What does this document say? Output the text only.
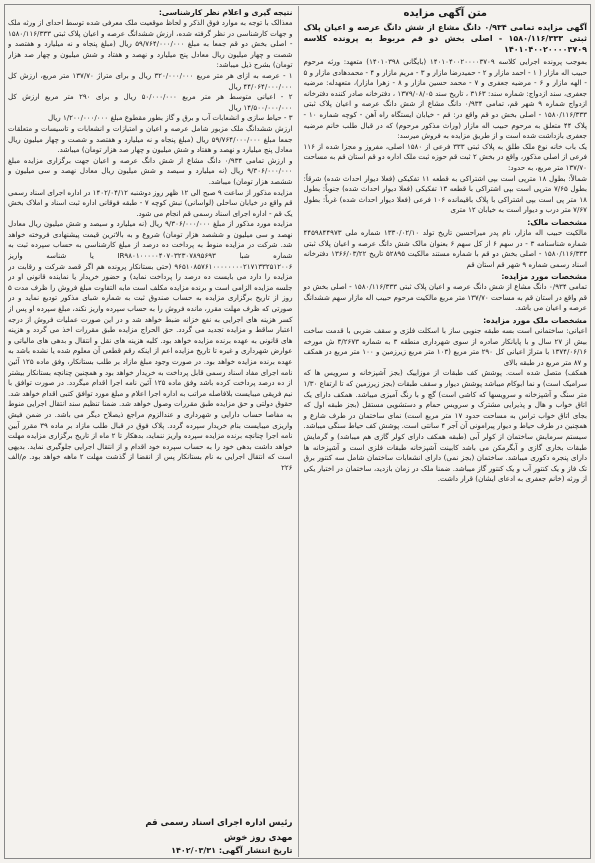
متن آگهی مزایده
آگهی مزایده تمامی ۰/۹۳۴ دانگ مشاع از شش دانگ عرصه و اعیان پلاک ثبتی ۱۵۸۰/۱۱۶/۳۳۳ - اصلی بخش دو قم مربوط به پرونده کلاسه ۱۴۰۱۰۴۰۰۲۰۰۰۰۳۷۰۹

بموجب پرونده اجرایی کلاسه ۱۴۰۱۰۴۰۰۲۰۰۰۰۳۷۰۹ (بایگانی ۱۴۰۱۰۳۹۸) متعهد: ورثه مرحوم حبیب اله مازار ( ۱ - احمد مازار و ۲ - حمیدرضا مازار و ۳ - مریم مازار و ۴ - محمدهادی مازار و ۵ - الهه مازار و ۶ - مرضیه جعفری و ۷ - محمد حسین مازار و ۸ - زهرا مازار)، متعهدله: مرضیه جعفری، سند ازدواج: شماره سند: ۳۱۶۳ ، تاریخ سند ۱۳۷۹/۰۸/۰۵ ، دفترخانه صادر کننده دفترخانه ازدواج شماره ۹ شهر قم، تمامی ۰/۹۳۴ دانگ مشاع از شش دانگ عرصه و اعیان پلاک ثبتی ۱۵۸۰/۱۱۶/۳۳۳ - اصلی بخش دو قم واقع در: قم - خیابان ایستگاه راه آهن - کوچه شماره ۱۰ - پلاک ۴۴ متعلق به مرحوم حبیب اله مازار (وراث مذکور مرحوم) که در قبال طلب خانم مرضیه جعفری بازداشت شده است و از طریق مزایده به فروش میرسد:

یک باب خانه نوع ملک طلق به پلاک ثبتی ۳۳۳ فرعی از ۱۵۸۰ اصلی، مفروز و مجزا شده از ۱۱۶ فرعی از اصلی مذکور، واقع در بخش ۲ ثبت قم حوزه ثبت ملک اداره دو قم استان قم به مساحت ۱۳۷/۷۰ متر مربع، به حدود:

شمالاً: بطول ۱۸ مترپی است بپی اشتراکی به قطعه ۱۱ تفکیکی (فعلا دیوار احداث شده) شرقاً: بطول ۷/۶۵ مترپی است بپی اشتراکی با قطعه ۱۳ تفکیکی (فعلا دیوار احداث شده) جنوباً: بطول ۱۸ متر پی است بپی اشتراکی با پلاک باقیمانده ۱۰۶ فرعی (فعلا دیوار احداث شده) غرباً: بطول ۷/۶۷ متر درب و دیوار است به خیابان ۱۲ متری

مشخصات مالک:

مالکیت حبیب اله مازار، نام پدر میراحسین تاریخ تولد ۱۳۳۰/۰۲/۱۰ شماره ملی ۴۴۵۹۸۴۴۹۷۳ شماره شناسنامه ۳ - در سهم ۶ از کل سهم ۶ بعنوان مالک شش دانگ عرصه و اعیان پلاک ثبتی ۱۵۸۰/۱۱۶/۳۳۳ - اصلی بخش دو قم با شماره مستند مالکیت ۵۲۸۹۵ تاریخ ۱۳۶۶/۰۳/۲۲ دفترخانه اسناد رسمی شماره ۹ شهر قم استان قم

مشخصات مورد مزایده:

تمامی ۰/۹۳۴ دانگ مشاع از شش دانگ عرصه و اعیان پلاک ثبتی ۱۵۸۰/۱۱۶/۳۳۳ - اصلی بخش دو قم واقع در استان قم به مساحت ۱۳۷/۷۰ متر مربع مالکیت مرحوم حبیب اله مازار سهم ششدانگ عرصه و اعیان می باشد.

مشخصات ملک مورد مزایده:

اعیانی: ساختمانی است بسه طبقه جنوبی ساز با اسکلت فلزی و سقف ضربی با قدمت ساخت بیش از ۲۷ سال و با پایانکار صادره از سوی شهرداری منطقه ۳ به شماره ۳/۲۶۷۳ ش مورخه ۱۳۷۴/۰۶/۱۶ با متراژ اعیانی کل ۲۹۰ متر مربع (۱۰۳ متر مربع زیرزمین و ۱۰۰ متر مربع در همکف و ۸۷ متر مربع در طبقه بالای

همکف) متصل شده است. پوشش کف طبقات از موزاییک (بجز آشپزخانه و سرویس ها که سرامیک است) و نما ابوکام میباشد پوشش دیوار و سقف طبقات (بجز زیرزمین که تا ارتفاع ۱/۳۰ متر سنگ و آشپزخانه و سرویسها که کاشی است) گچ و با رنگ آمیزی میباشد. همکف دارای یک اتاق خواب و هال و پذیرایی مشترک و سرویس حمام و دستشویی مستقل (بجز طبقه اول که بجای اتاق خواب تراس به مساحت حدود ۱۷ متر مربع است) نمای ساختمان در طرف شارع و همچنین در طرف حیاط و دیوار پیرامونی آن آجر ۴ سانتی است. پوشش کف حیاط سنگی میباشد. سیستم سرمایش ساختمان از کولر آبی (طبقه همکف دارای کولر گازی هم میباشد) و گرمایش طبقات بخاری گازی و آبگرمکن می باشد کابینت آشپزخانه طبقات فلزی است و آشپزخانه ها دارای پنجره دکوری میباشد. ساختمان (بجز نمی) دارای انشعابات ساختمان شامل سه کنتور برق تک فاز و یک کنتور آب و یک کنتور گاز میباشد. ضمنا ملک در زمان بازدید، ساختمان در اختیار یکی از ورثه (خانم جعفری به ادعای ایشان) قرار داشت.

نتیجه گیری و اعلام نظر کارشناسی:

معذالک با توجه به موارد فوق الذکر و لحاظ موقعیت ملک معرفی شده توسط احدای از ورثه ملک و جهات کارشناسی در نظر گرفته شده، ارزش ششدانگ عرصه و اعیان پلاک ثبتی ۱۵۸۰/۱۱۶/۳۳۳ - اصلی بخش دو قم جمعا به مبلغ ۵۹/۷۶۴/۰۰۰/۰۰۰ ریال (مبلغ پنجاه و نه میلیارد و هفتصد و شصت و چهار میلیون ریال معادل پنج میلیارد و نهصد و هفتاد و شش میلیون و چهار صد هزار تومان) بشرح ذیل میباشد:

۱ - عرصه به ازای هر متر مربع ۳۲۰/۰۰۰/۰۰۰ ریال و برای متراژ ۱۳۷/۷۰ متر مربع، ارزش کل ۴۴/۰۶۴/۰۰۰/۰۰۰ ریال

۲ - اعیانی متوسط هر متر مربع ۵۰/۰۰۰/۰۰۰ ریال و برای ۲۹۰ متر مربع ارزش کل ۱۴/۵۰۰/۰۰۰/۰۰۰ ریال

۳ - حیاط سازی و انشعابات آب و برق و گاز بطور مقطوع مبلغ ۱/۲۰۰/۰۰۰/۰۰۰ ریال

ارزش ششدانگ ملک مزبور شامل عرصه و اعیان و امتیازات و انشعابات و تاسیسات و متعلقات جمعا مبلغ ۵۹/۷۶۴/۰۰۰/۰۰۰ ریال (مبلغ پنجاه و نه میلیارد و هفتصد و شصت و چهار میلیون ریال معادل پنج میلیارد و نهصد و هفتاد و شش میلیون و چهار صد هزار تومان) میباشد.

و ارزش تمامی ۰/۹۳۴ دانگ مشاع از شش دانگ عرصه و اعیان جهت برگزاری مزایده مبلغ ۹/۳۰۶/۰۰۰/۰۰۰ ریال (نه میلیارد و سیصد و شش میلیون ریال معادل نهصد و سی میلیون و ششصد هزار تومان) میباشد.

مزایده مذکور از ساعت ۹ صبح الی ۱۲ ظهر روز دوشنبه ۱۴۰۲/۰۴/۱۲ در اداره اجرای اسناد رسمی قم واقع در خیابان ساحلی (لواسانی) نبش کوچه ۷ - طبقه فوقانی اداره ثبت اسناد و املاک بخش یک قم - اداره اجرای اسناد رسمی قم انجام می شود.

مزایده مورد مذکور از مبلغ ۹/۳۰۶/۰۰۰/۰۰۰ ریال (نه میلیارد و سیصد و شش میلیون ریال معادل نهصد و سی میلیون و ششصد هزار تومان) شروع و به بالاترین قیمت پیشنهادی فروخته خواهد شد. شرکت در مزایده منوط به پرداخت ده درصد از مبلغ کارشناسی به حساب سپرده ثبت به شماره شبا IR۹۸۰۱۰۰۰۰۰۴۰۷۰۳۲۳۰۷۸۹۵۶۹۳ یا شناسه واریز ۹۶۵۱۰۸۵۷۶۱۰۰۰۰۰۰۰۰۲۱۷۱۳۳۲۵۱۲۰۰۶ (حتی بستانکار پرونده هم اگر قصد شرکت و رقابت در مزایده را دارد می بایست ده درصد را پرداخت نماید) و حضور خریدار یا نماینده قانونی او در جلسه مزایده الزامی است و برنده مزایده مکلف است مابه التفاوت مبلغ فروش را ظرف مدت ۵ روز از تاریخ برگزاری مزایده به حساب صندوق ثبت به شماره شبای مذکور تودیع نماید و در صورتی که ظرف مهلت مقرر، مانده فروش را به حساب سپرده واریز نکند، مبلغ سپرده او پس از کسر هزینه های اجرایی به نفع خزانه ضبط خواهد شد و در این صورت عملیات فروش از درجه اعتبار ساقط و مزایده تجدید می گردد. حق الحراج مزایده طبق مقررات اخذ می گردد و هزینه های قانونی به عهده برنده مزایده خواهد بود. کلیه هزینه های نقل و انتقال و بدهی های مالیاتی و عوارض شهرداری و غیره تا تاریخ مزایده اعم از اینکه رقم قطعی آن معلوم شده یا نشده باشد به عهده برنده مزایده خواهد بود. در صورت وجود مبلغ مازاد بر طلب بستانکار، وفق ماده ۱۲۵ آئین نامه اجرای مفاد اسناد رسمی قابل پرداخت به خریدار خواهد بود و همچنین چنانچه بستانکار بیشتر از ده درصد پرداخت کرده باشد وفق ماده ۱۲۵ آئین نامه اجرا اقدام میگردد. در صورت توافق با نیم فریقی میبایست بلافاصله مراتب به اداره اجرا اعلام و مبلغ مورد توافق کتبی اقدام خواهد شد. حقوق دولتی و حق مزایده طبق مقررات وصول خواهد شد. ضمنا تنظیم سند انتقال اجرایی منوط به مفاصا حساب دارایی و شهرداری و عندالزوم مراجع ذیصلاح دیگر می باشد. در ضمن فیش واریزی میبایست بنام خریدار سپرده گردد. پلاک فوق در قبال طلب مازاد بر ماده ۳۹ مقرر آیین نامه اجرا چنانچه برنده مزایده سپرده واریز ننماید، بدهکار تا ۲ ماه از تاریخ برگزاری مزایده مهلت خواهد داشت بدهی خود را به حساب سپرده خود اقدام و از انتقال اجرایی جلوگیری نماید. بدیهی است که انتقال اجرایی به نام بستانکار پس از انقضا از گذشت مهلت ۲ ماهه خواهد بود. م/الف ۲۲۶

رئیس اداره اجرای اسناد رسمی قم
مهدی روز خوش
تاریخ انتشار آگهی: ۱۴۰۲/۰۳/۳۱
